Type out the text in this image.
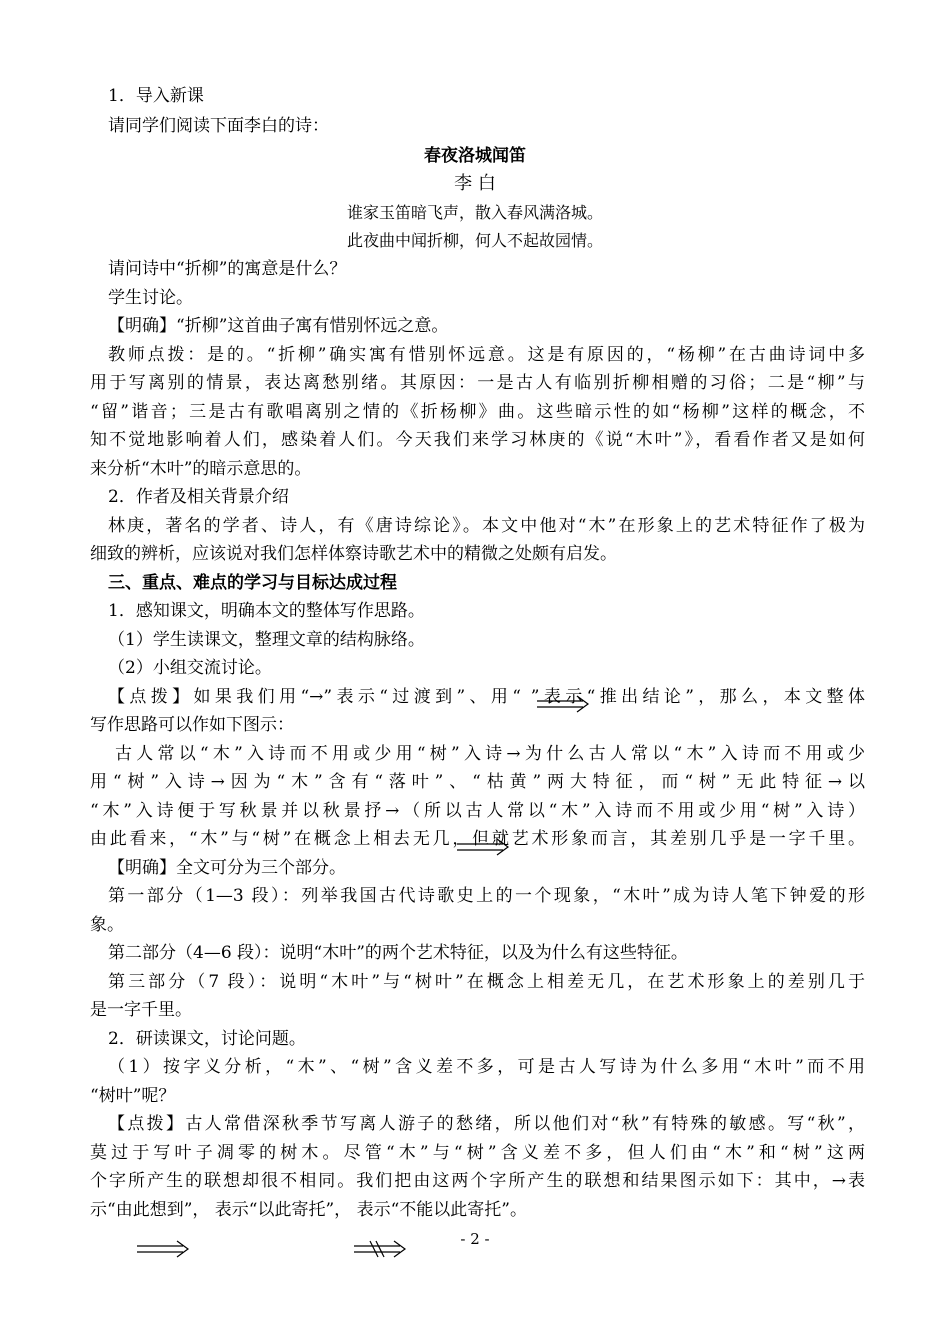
1．导入新课
请同学们阅读下面李白的诗：
春夜洛城闻笛
李 白
谁家玉笛暗飞声，散入春风满洛城。
此夜曲中闻折柳，何人不起故园情。
请问诗中“折柳”的寓意是什么？
学生讨论。
【明确】“折柳”这首曲子寓有惜别怀远之意。
教师点拨：是的。“折柳”确实寓有惜别怀远意。这是有原因的，“杨柳”在古曲诗词中多
用于写离别的情景，表达离愁别绪。其原因：一是古人有临别折柳相赠的习俗；二是“柳”与
“留”谐音；三是古有歌唱离别之情的《折杨柳》曲。这些暗示性的如“杨柳”这样的概念，不
知不觉地影响着人们，感染着人们。今天我们来学习林庚的《说“木叶”》，看看作者又是如何
来分析“木叶”的暗示意思的。
2．作者及相关背景介绍
林庚，著名的学者、诗人，有《唐诗综论》。本文中他对“木”在形象上的艺术特征作了极为
细致的辨析，应该说对我们怎样体察诗歌艺术中的精微之处颇有启发。
三、重点、难点的学习与目标达成过程
1．感知课文，明确本文的整体写作思路。
（1）学生读课文，整理文章的结构脉络。
（2）小组交流讨论。
【点拨】如果我们用“→”表示“过渡到”、用“ ”表示“推出结论”，那么，本文整体
写作思路可以作如下图示：
古人常以“木”入诗而不用或少用“树”入诗→为什么古人常以“木”入诗而不用或少
用“树”入诗→因为“木”含有“落叶”、“枯黄”两大特征，而“树”无此特征→以
“木”入诗便于写秋景并以秋景抒→（所以古人常以“木”入诗而不用或少用“树”入诗）
由此看来，“木”与“树”在概念上相去无几，但就艺术形象而言，其差别几乎是一字千里。
【明确】全文可分为三个部分。
第一部分（1—3 段）：列举我国古代诗歌史上的一个现象，“木叶”成为诗人笔下钟爱的形
象。
第二部分（4—6 段）：说明“木叶”的两个艺术特征，以及为什么有这些特征。
第三部分（7 段）：说明“木叶”与“树叶”在概念上相差无几，在艺术形象上的差别几于
是一字千里。
2．研读课文，讨论问题。
（1）按字义分析，“木”、“树”含义差不多，可是古人写诗为什么多用“木叶”而不用
“树叶”呢？
【点拨】古人常借深秋季节写离人游子的愁绪，所以他们对“秋”有特殊的敏感。写“秋”，
莫过于写叶子凋零的树木。尽管“木”与“树”含义差不多，但人们由“木”和“树”这两
个字所产生的联想却很不相同。我们把由这两个字所产生的联想和结果图示如下：其中，→表
示“由此想到”， 表示“以此寄托”， 表示“不能以此寄托”。
- 2 -
